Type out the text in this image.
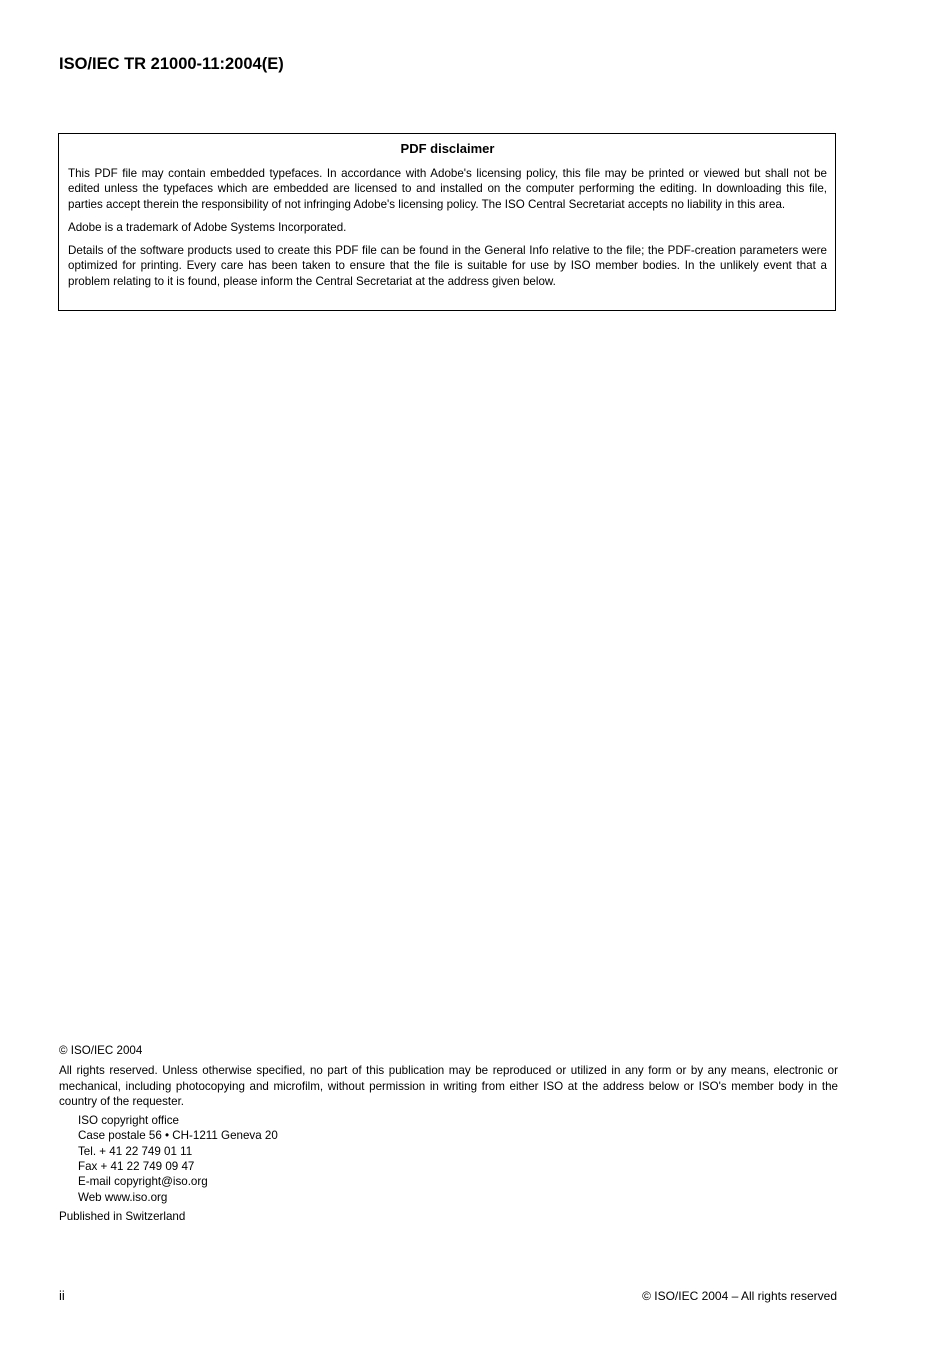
ISO/IEC TR 21000-11:2004(E)

PDF disclaimer

This PDF file may contain embedded typefaces. In accordance with Adobe's licensing policy, this file may be printed or viewed but shall not be edited unless the typefaces which are embedded are licensed to and installed on the computer performing the editing. In downloading this file, parties accept therein the responsibility of not infringing Adobe's licensing policy. The ISO Central Secretariat accepts no liability in this area.

Adobe is a trademark of Adobe Systems Incorporated.

Details of the software products used to create this PDF file can be found in the General Info relative to the file; the PDF-creation parameters were optimized for printing. Every care has been taken to ensure that the file is suitable for use by ISO member bodies. In the unlikely event that a problem relating to it is found, please inform the Central Secretariat at the address given below.

© ISO/IEC 2004

All rights reserved. Unless otherwise specified, no part of this publication may be reproduced or utilized in any form or by any means, electronic or mechanical, including photocopying and microfilm, without permission in writing from either ISO at the address below or ISO's member body in the country of the requester.

ISO copyright office
Case postale 56 • CH-1211 Geneva 20
Tel. + 41 22 749 01 11
Fax + 41 22 749 09 47
E-mail copyright@iso.org
Web www.iso.org

Published in Switzerland

ii	© ISO/IEC 2004 – All rights reserved
